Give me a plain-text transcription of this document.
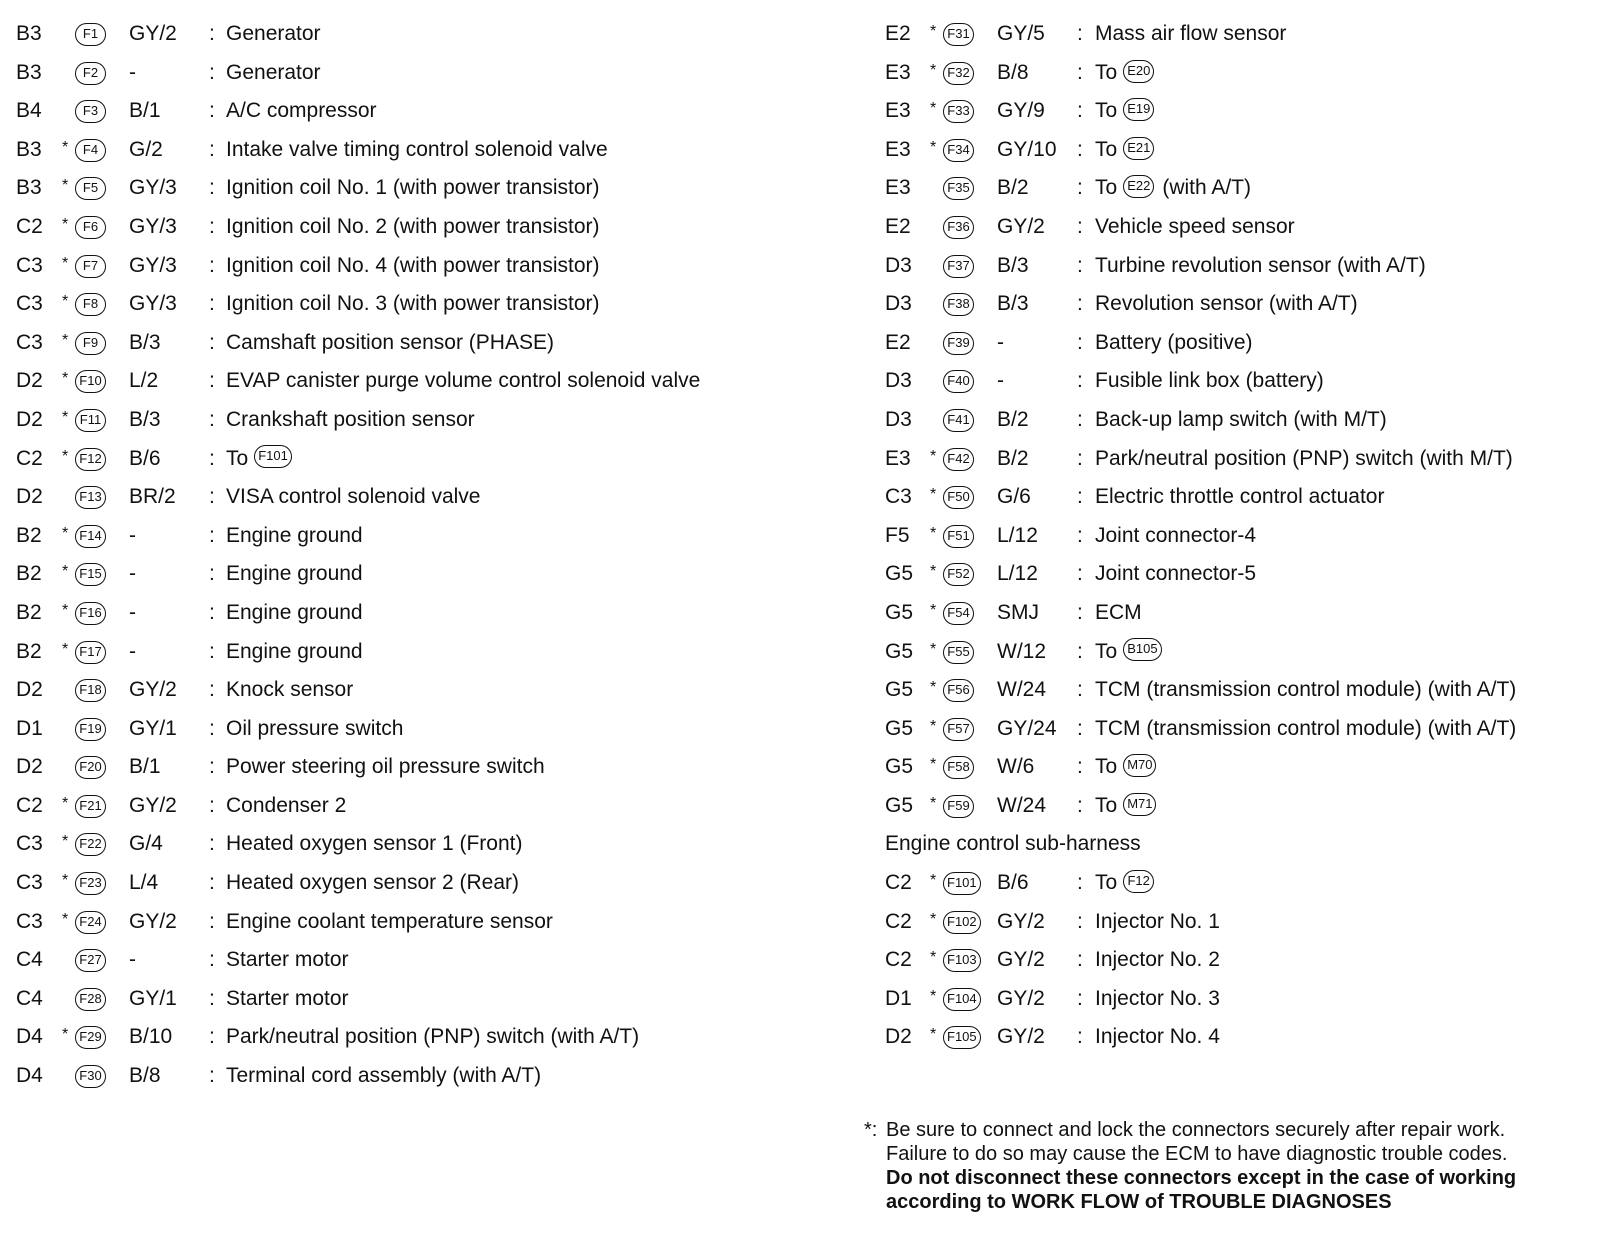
B3	F1	GY/2 : Generator
B3	F2	-	: Generator
B4	F3	B/1 : A/C compressor
B3 *	F4	G/2 : Intake valve timing control solenoid valve
B3 *	F5	GY/3 : Ignition coil No. 1 (with power transistor)
C2 *	F6	GY/3 : Ignition coil No. 2 (with power transistor)
C3 *	F7	GY/3 : Ignition coil No. 4 (with power transistor)
C3 *	F8	GY/3 : Ignition coil No. 3 (with power transistor)
C3 *	F9	B/3 : Camshaft position sensor (PHASE)
D2 * F10 L/2 : EVAP canister purge volume control solenoid valve
D2 * F11 B/3 : Crankshaft position sensor
C2 * F12 B/6 : To F101
D2	F13 BR/2 : VISA control solenoid valve
B2 * F14 -	: Engine ground
B2 * F15 -	: Engine ground
B2 * F16 -	: Engine ground
B2 * F17 -	: Engine ground
D2	F18 GY/2 : Knock sensor
D1	F19 GY/1 : Oil pressure switch
D2	F20 B/1 : Power steering oil pressure switch
C2 * F21 GY/2 : Condenser 2
C3 * F22 G/4 : Heated oxygen sensor 1 (Front)
C3 * F23 L/4 : Heated oxygen sensor 2 (Rear)
C3 * F24 GY/2 : Engine coolant temperature sensor
C4	F27 -	: Starter motor
C4	F28 GY/1 : Starter motor
D4 * F29 B/10 : Park/neutral position (PNP) switch (with A/T)
D4	F30 B/8 : Terminal cord assembly (with A/T)
E2 * F31 GY/5 : Mass air flow sensor
E3 * F32 B/8 : To E20
E3 * F33 GY/9 : To E19
E3 * F34 GY/10 : To E21
E3	F35 B/2 : To E22 (with A/T)
E2	F36 GY/2 : Vehicle speed sensor
D3	F37 B/3 : Turbine revolution sensor (with A/T)
D3	F38 B/3 : Revolution sensor (with A/T)
E2	F39 -	: Battery (positive)
D3	F40 -	: Fusible link box (battery)
D3	F41 B/2 : Back-up lamp switch (with M/T)
E3 * F42 B/2 : Park/neutral position (PNP) switch (with M/T)
C3 * F50 G/6 : Electric throttle control actuator
F5 * F51 L/12 : Joint connector-4
G5 * F52 L/12 : Joint connector-5
G5 * F54 SMJ : ECM
G5 * F55 W/12 : To B105
G5 * F56 W/24 : TCM (transmission control module) (with A/T)
G5 * F57 GY/24 : TCM (transmission control module) (with A/T)
G5 * F58 W/6 : To M70
G5 * F59 W/24 : To M71
Engine control sub-harness
C2 * F101 B/6 : To F12
C2 * F102 GY/2 : Injector No. 1
C2 * F103 GY/2 : Injector No. 2
D1 * F104 GY/2 : Injector No. 3
D2 * F105 GY/2 : Injector No. 4
*: Be sure to connect and lock the connectors securely after repair work.
Failure to do so may cause the ECM to have diagnostic trouble codes.
Do not disconnect these connectors except in the case of working
according to WORK FLOW of TROUBLE DIAGNOSES
